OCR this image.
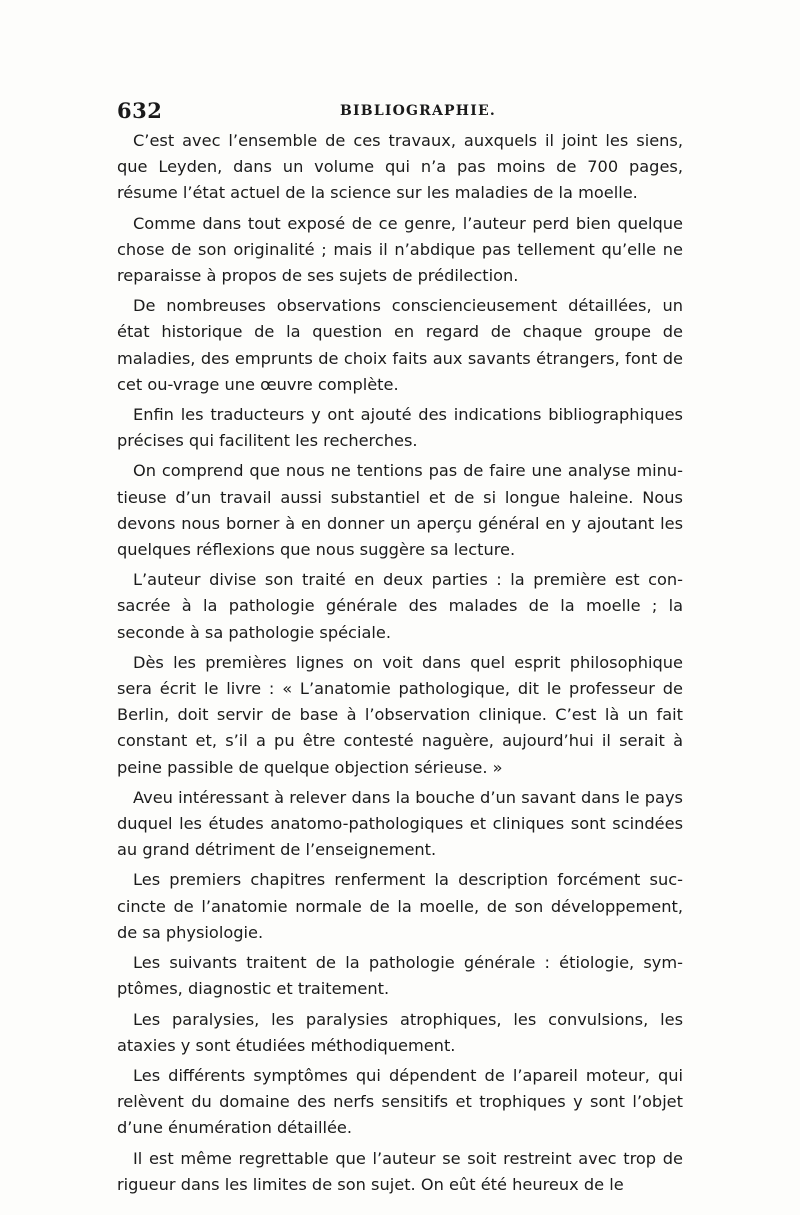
632	BIBLIOGRAPHIE.

C’est avec l’ensemble de ces travaux, auxquels il joint les siens, que Leyden, dans un volume qui n’a pas moins de 700 pages, résume l’état actuel de la science sur les maladies de la moelle.

Comme dans tout exposé de ce genre, l’auteur perd bien quelque chose de son originalité ; mais il n’abdique pas tellement qu’elle ne reparaisse à propos de ses sujets de prédilection.

De nombreuses observations consciencieusement détaillées, un état historique de la question en regard de chaque groupe de maladies, des emprunts de choix faits aux savants étrangers, font de cet ou-vrage une œuvre complète.

Enfin les traducteurs y ont ajouté des indications bibliographiques précises qui facilitent les recherches.

On comprend que nous ne tentions pas de faire une analyse minu-tieuse d’un travail aussi substantiel et de si longue haleine. Nous devons nous borner à en donner un aperçu général en y ajoutant les quelques réflexions que nous suggère sa lecture.

L’auteur divise son traité en deux parties : la première est con-sacrée à la pathologie générale des malades de la moelle ; la seconde à sa pathologie spéciale.

Dès les premières lignes on voit dans quel esprit philosophique sera écrit le livre : « L’anatomie pathologique, dit le professeur de Berlin, doit servir de base à l’observation clinique. C’est là un fait constant et, s’il a pu être contesté naguère, aujourd’hui il serait à peine passible de quelque objection sérieuse. »

Aveu intéressant à relever dans la bouche d’un savant dans le pays duquel les études anatomo-pathologiques et cliniques sont scindées au grand détriment de l’enseignement.

Les premiers chapitres renferment la description forcément suc-cincte de l’anatomie normale de la moelle, de son développement, de sa physiologie.

Les suivants traitent de la pathologie générale : étiologie, sym-ptômes, diagnostic et traitement.

Les paralysies, les paralysies atrophiques, les convulsions, les ataxies y sont étudiées méthodiquement.

Les différents symptômes qui dépendent de l’apareil moteur, qui relèvent du domaine des nerfs sensitifs et trophiques y sont l’objet d’une énumération détaillée.

Il est même regrettable que l’auteur se soit restreint avec trop de rigueur dans les limites de son sujet. On eût été heureux de le
